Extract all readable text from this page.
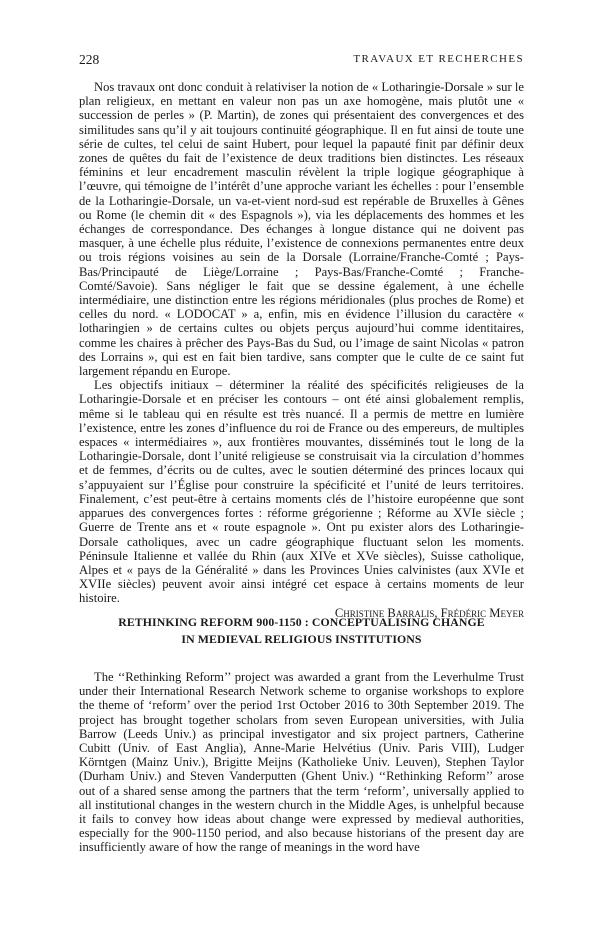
228	TRAVAUX ET RECHERCHES

Nos travaux ont donc conduit à relativiser la notion de « Lotharingie-Dorsale » sur le plan religieux, en mettant en valeur non pas un axe homogène, mais plutôt une « succession de perles » (P. Martin), de zones qui présentaient des convergences et des similitudes sans qu’il y ait toujours continuité géographique. Il en fut ainsi de toute une série de cultes, tel celui de saint Hubert, pour lequel la papauté finit par définir deux zones de quêtes du fait de l’existence de deux traditions bien distinctes. Les réseaux féminins et leur encadrement masculin révèlent la triple logique géographique à l’œuvre, qui témoigne de l’intérêt d’une approche variant les échelles : pour l’ensemble de la Lotharingie-Dorsale, un va-et-vient nord-sud est repérable de Bruxelles à Gênes ou Rome (le chemin dit « des Espagnols »), via les déplacements des hommes et les échanges de correspondance. Des échanges à longue distance qui ne doivent pas masquer, à une échelle plus réduite, l’existence de connexions permanentes entre deux ou trois régions voisines au sein de la Dorsale (Lorraine/Franche-Comté ; Pays-Bas/Principauté de Liège/Lorraine ; Pays-Bas/Franche-Comté ; Franche-Comté/Savoie). Sans négliger le fait que se dessine également, à une échelle intermédiaire, une distinction entre les régions méridionales (plus proches de Rome) et celles du nord. « LODOCAT » a, enfin, mis en évidence l’illusion du caractère « lotharingien » de certains cultes ou objets perçus aujourd’hui comme identitaires, comme les chaires à prêcher des Pays-Bas du Sud, ou l’image de saint Nicolas « patron des Lorrains », qui est en fait bien tardive, sans compter que le culte de ce saint fut largement répandu en Europe.

Les objectifs initiaux – déterminer la réalité des spécificités religieuses de la Lotharingie-Dorsale et en préciser les contours – ont été ainsi globalement remplis, même si le tableau qui en résulte est très nuancé. Il a permis de mettre en lumière l’existence, entre les zones d’influence du roi de France ou des empereurs, de multiples espaces « intermédiaires », aux frontières mouvantes, disséminés tout le long de la Lotharingie-Dorsale, dont l’unité religieuse se construisait via la circulation d’hommes et de femmes, d’écrits ou de cultes, avec le soutien déterminé des princes locaux qui s’appuyaient sur l’Église pour construire la spécificité et l’unité de leurs territoires. Finalement, c’est peut-être à certains moments clés de l’histoire européenne que sont apparues des convergences fortes : réforme grégorienne ; Réforme au XVIe siècle ; Guerre de Trente ans et « route espagnole ». Ont pu exister alors des Lotharingie-Dorsale catholiques, avec un cadre géographique fluctuant selon les moments. Péninsule Italienne et vallée du Rhin (aux XIVe et XVe siècles), Suisse catholique, Alpes et « pays de la Généralité » dans les Provinces Unies calvinistes (aux XVIe et XVIIe siècles) peuvent avoir ainsi intégré cet espace à certains moments de leur histoire.

Christine Barralis, Frédéric Meyer

RETHINKING REFORM 900-1150 : CONCEPTUALISING CHANGE
IN MEDIEVAL RELIGIOUS INSTITUTIONS

The ‘‘Rethinking Reform’’ project was awarded a grant from the Leverhulme Trust under their International Research Network scheme to organise workshops to explore the theme of ‘reform’ over the period 1rst October 2016 to 30th September 2019. The project has brought together scholars from seven European universities, with Julia Barrow (Leeds Univ.) as principal investigator and six project partners, Catherine Cubitt (Univ. of East Anglia), Anne-Marie Helvétius (Univ. Paris VIII), Ludger Körntgen (Mainz Univ.), Brigitte Meijns (Katholieke Univ. Leuven), Stephen Taylor (Durham Univ.) and Steven Vanderputten (Ghent Univ.) ‘‘Rethinking Reform’’ arose out of a shared sense among the partners that the term ‘reform’, universally applied to all institutional changes in the western church in the Middle Ages, is unhelpful because it fails to convey how ideas about change were expressed by medieval authorities, especially for the 900-1150 period, and also because historians of the present day are insufficiently aware of how the range of meanings in the word have
